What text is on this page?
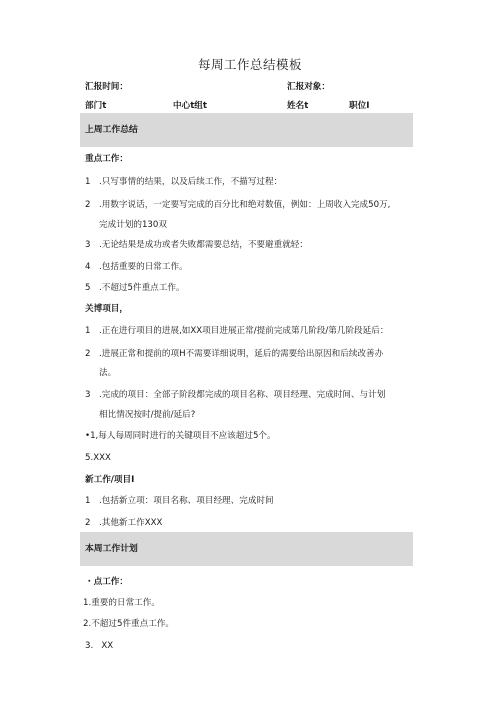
每周工作总结模板
汇报时间：	汇报对象：
部门t	中心t组t	姓名t	职位I
上周工作总结
重点工作：
1 .只写事情的结果，以及后续工作，不描写过程：
2 .用数字说话，一定要写完成的百分比和绝对数值，例如：上周收入完成50万,
完成计划的130双
3 .无论结果是成功或者失败都需要总结，不要避重就轻：
4 .包括重要的日常工作。
5 .不超过5件重点工作。
关博项目，
1 .正在进行项目的进展,如XX项目进展正常/提前完成第几阶段/第几阶段延后：
2 .进展正常和提前的项H不需要详细说明，延后的需要给出原因和后续改善办
法。
3 .完成的项目：全部子阶段都完成的项目名称、项目经理、完成时间、与计划
相比情况按时/提前/延后?
•1,每人每周同时进行的关键项目不应该超过5个。
5.XXX
新工作/项目I
1 .包括新立项：项目名称、项目经理、完成时间
2 .其他新工作XXX
本周工作计划
・点工作：
1.重要的日常工作。
2.不超过5件重点工作。
3.   XX
